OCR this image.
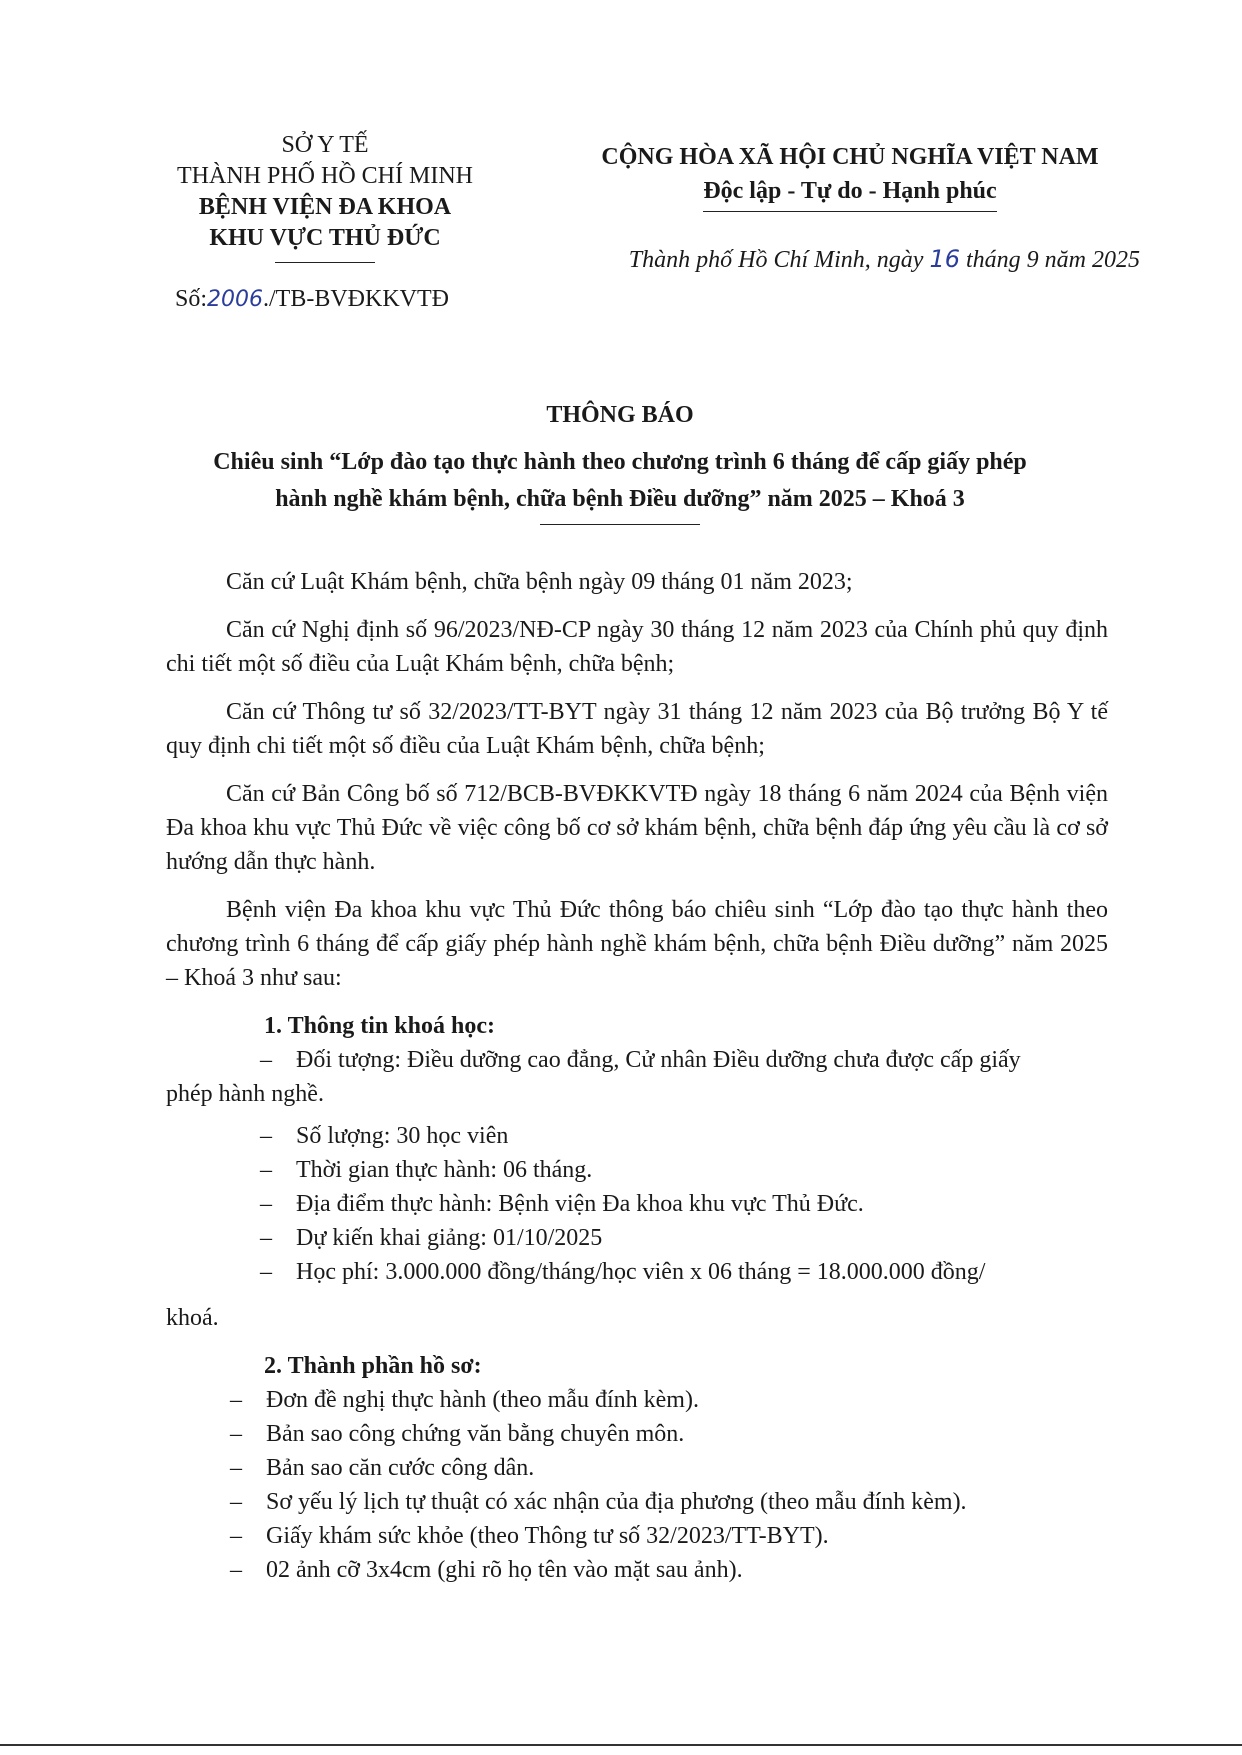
SỞ Y TẾ
THÀNH PHỐ HỒ CHÍ MINH
BỆNH VIỆN ĐA KHOA
KHU VỰC THỦ ĐỨC
Số:2006./TB-BVĐKKVTĐ
CỘNG HÒA XÃ HỘI CHỦ NGHĨA VIỆT NAM
Độc lập - Tự do - Hạnh phúc
Thành phố Hồ Chí Minh, ngày 16 tháng 9 năm 2025
THÔNG BÁO
Chiêu sinh “Lớp đào tạo thực hành theo chương trình 6 tháng để cấp giấy phép
hành nghề khám bệnh, chữa bệnh Điều dưỡng” năm 2025 – Khoá 3

Căn cứ Luật Khám bệnh, chữa bệnh ngày 09 tháng 01 năm 2023;

Căn cứ Nghị định số 96/2023/NĐ-CP ngày 30 tháng 12 năm 2023 của Chính phủ quy định chi tiết một số điều của Luật Khám bệnh, chữa bệnh;

Căn cứ Thông tư số 32/2023/TT-BYT ngày 31 tháng 12 năm 2023 của Bộ trưởng Bộ Y tế quy định chi tiết một số điều của Luật Khám bệnh, chữa bệnh;

Căn cứ Bản Công bố số 712/BCB-BVĐKKVTĐ ngày 18 tháng 6 năm 2024 của Bệnh viện Đa khoa khu vực Thủ Đức về việc công bố cơ sở khám bệnh, chữa bệnh đáp ứng yêu cầu là cơ sở hướng dẫn thực hành.

Bệnh viện Đa khoa khu vực Thủ Đức thông báo chiêu sinh “Lớp đào tạo thực hành theo chương trình 6 tháng để cấp giấy phép hành nghề khám bệnh, chữa bệnh Điều dưỡng” năm 2025 – Khoá 3 như sau:

1. Thông tin khoá học:

– Đối tượng: Điều dưỡng cao đẳng, Cử nhân Điều dưỡng chưa được cấp giấy
phép hành nghề.
– Số lượng: 30 học viên
– Thời gian thực hành: 06 tháng.
– Địa điểm thực hành: Bệnh viện Đa khoa khu vực Thủ Đức.
– Dự kiến khai giảng: 01/10/2025
– Học phí: 3.000.000 đồng/tháng/học viên x 06 tháng = 18.000.000 đồng/
khoá.

2. Thành phần hồ sơ:

– Đơn đề nghị thực hành (theo mẫu đính kèm).
– Bản sao công chứng văn bằng chuyên môn.
– Bản sao căn cước công dân.
– Sơ yếu lý lịch tự thuật có xác nhận của địa phương (theo mẫu đính kèm).
– Giấy khám sức khỏe (theo Thông tư số 32/2023/TT-BYT).
– 02 ảnh cỡ 3x4cm (ghi rõ họ tên vào mặt sau ảnh).
